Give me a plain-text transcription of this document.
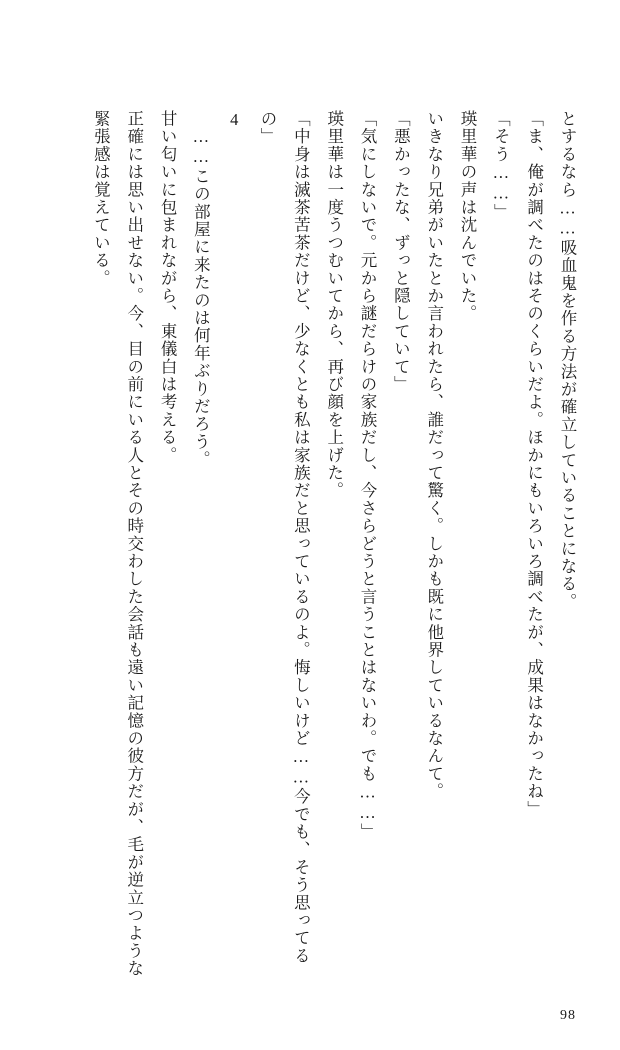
とするなら……吸血鬼を作る方法が確立していることになる。

「ま、俺が調べたのはそのくらいだよ。ほかにもいろいろ調べたが、成果はなかったね」

「そう……」

瑛里華の声は沈んでいた。

いきなり兄弟がいたとか言われたら、誰だって驚く。しかも既に他界しているなんて。

「悪かったな、ずっと隠していて」

「気にしないで。元から謎だらけの家族だし、今さらどうと言うことはないわ。でも……」

瑛里華は一度うつむいてから、再び顔を上げた。

「中身は滅茶苦茶だけど、少なくとも私は家族だと思っているのよ。悔しいけど……今でも、そう思ってるの」

4

……この部屋に来たのは何年ぶりだろう。

甘い匂いに包まれながら、東儀白は考える。

正確には思い出せない。今、目の前にいる人とその時交わした会話も遠い記憶の彼方だが、毛が逆立つような緊張感は覚えている。

98
